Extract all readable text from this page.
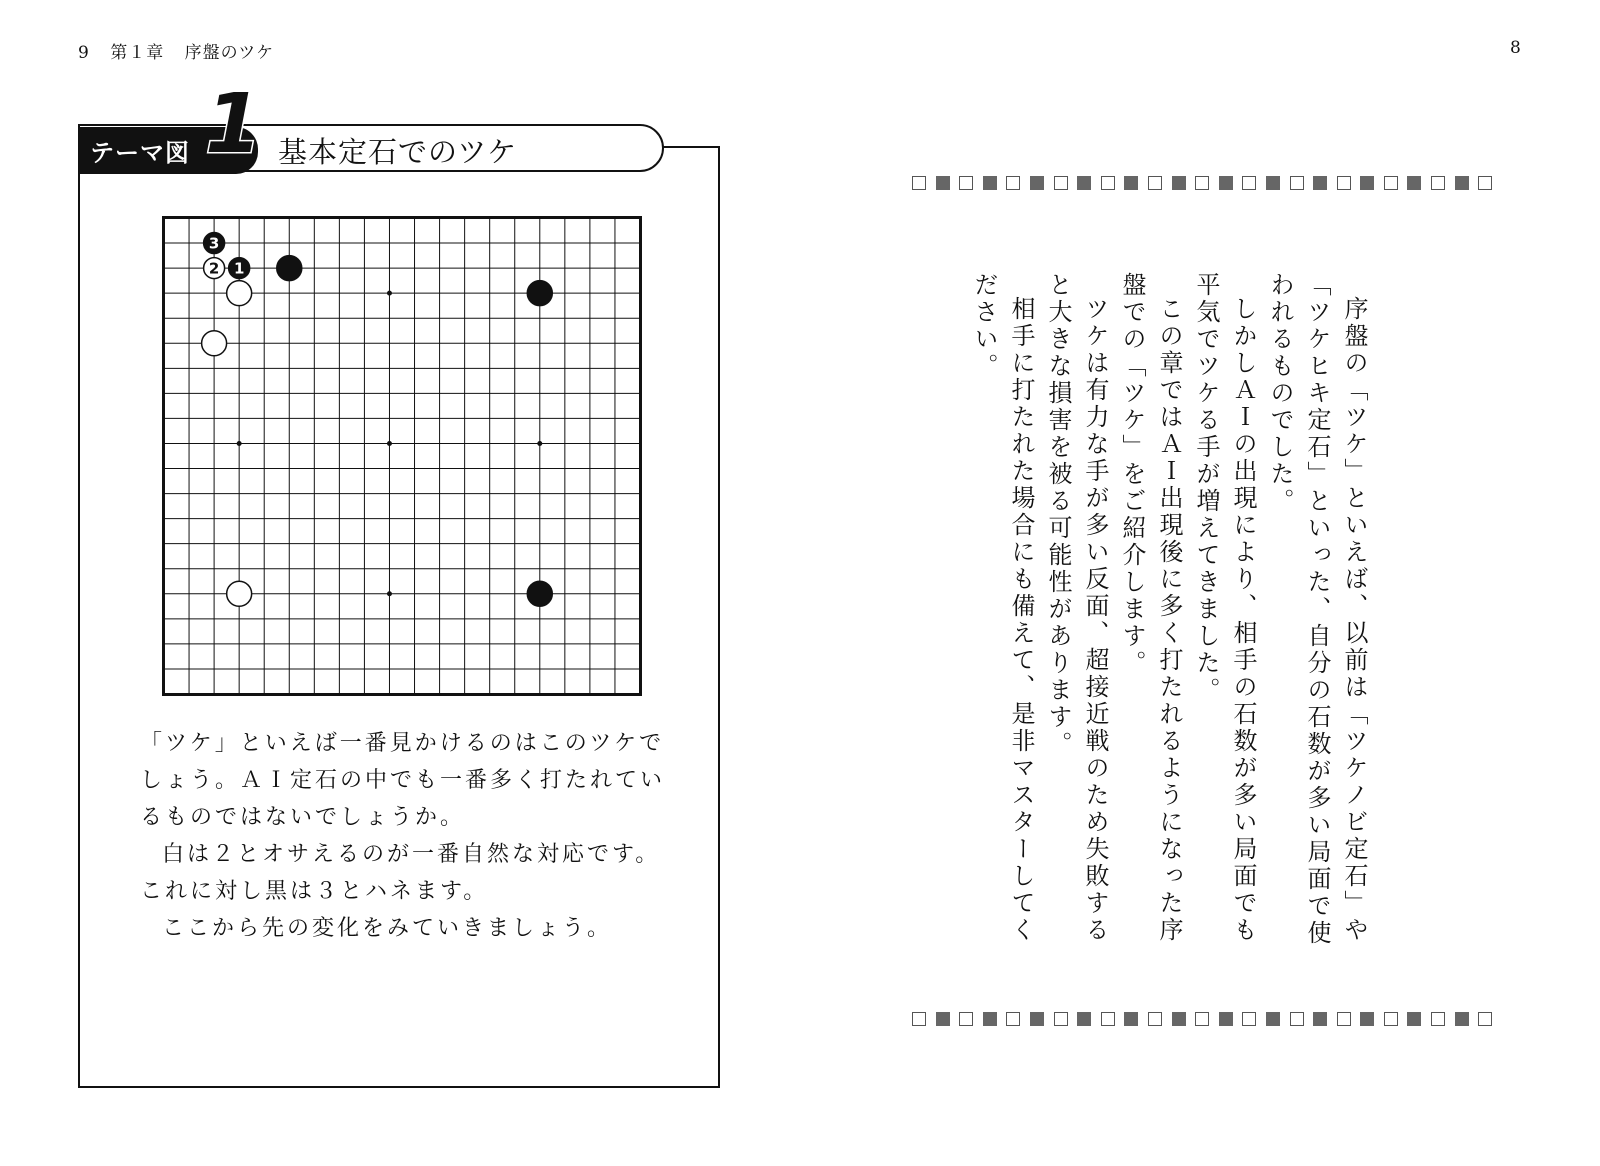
9 第１章 序盤のツケ	8
テーマ図 1 基本定石でのツケ
1
2
3

「ツケ」といえば一番見かけるのはこのツケでしょう。ＡＩ定石の中でも一番多く打たれているものではないでしょうか。

白は２とオサえるのが一番自然な対応です。これに対し黒は３とハネます。

ここから先の変化をみていきましょう。	序盤の「ツケ」といえば、以前は「ツケノビ定石」や「ツケヒキ定石」といった、自分の石数が多い局面で使われるものでした。

しかしＡＩの出現により、相手の石数が多い局面でも平気でツケる手が増えてきました。

この章ではＡＩ出現後に多く打たれるようになった序盤での「ツケ」をご紹介します。

ツケは有力な手が多い反面、超接近戦のため失敗すると大きな損害を被る可能性があります。

相手に打たれた場合にも備えて、是非マスターしてください。
